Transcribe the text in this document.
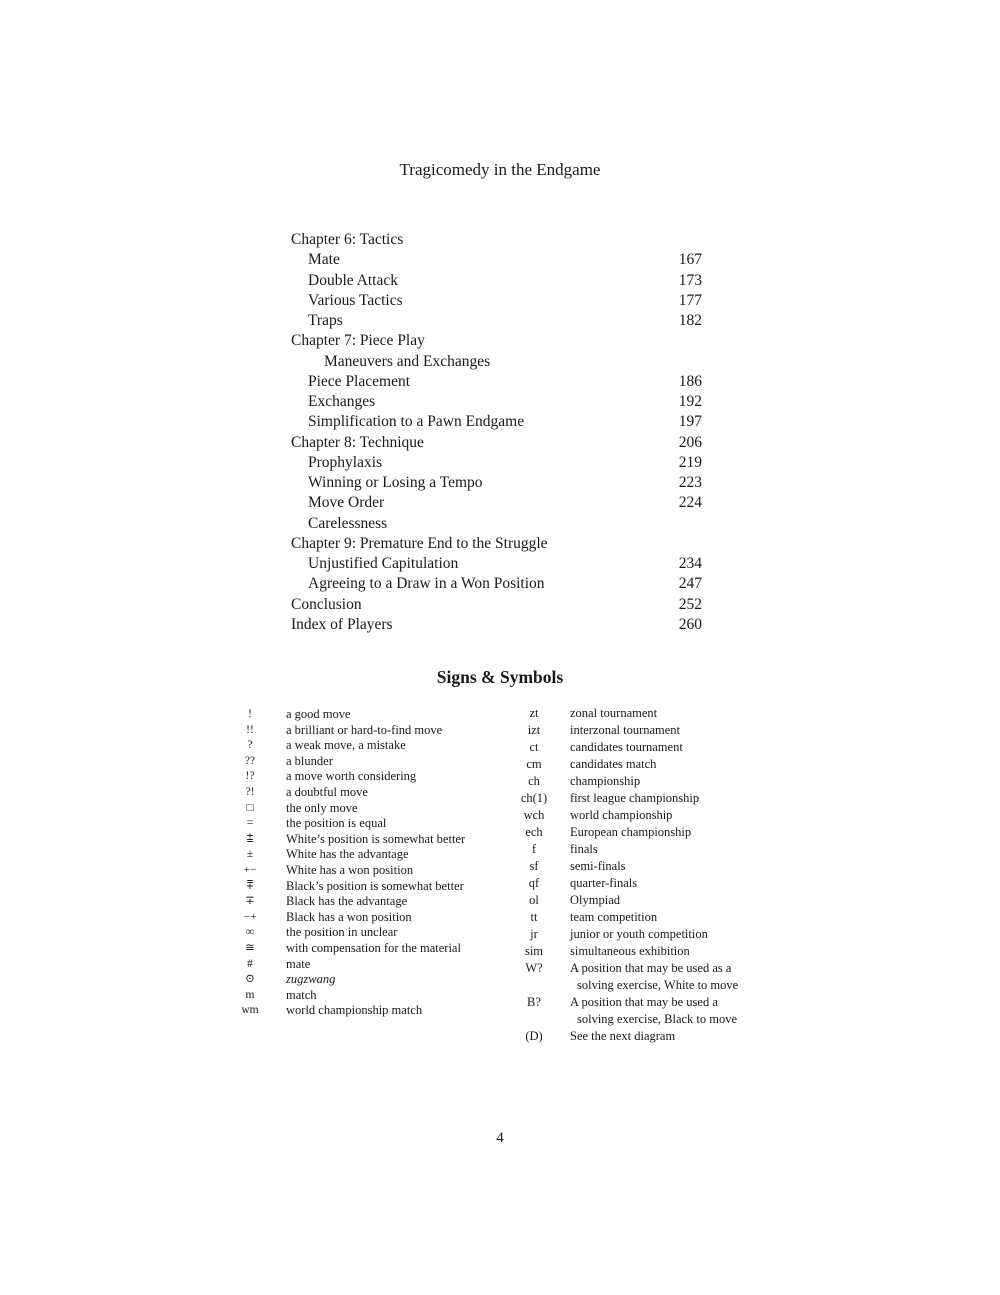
Tragicomedy in the Endgame
Chapter 6: Tactics
Mate	167
Double Attack	173
Various Tactics	177
Traps	182
Chapter 7: Piece Play
Maneuvers and Exchanges
Piece Placement	186
Exchanges	192
Simplification to a Pawn Endgame	197
Chapter 8: Technique	206
Prophylaxis	219
Winning or Losing a Tempo	223
Move Order	224
Carelessness
Chapter 9: Premature End to the Struggle
Unjustified Capitulation	234
Agreeing to a Draw in a Won Position	247
Conclusion	252
Index of Players	260
Signs & Symbols
!	a good move
!!	a brilliant or hard-to-find move
?	a weak move, a mistake
??	a blunder
!?	a move worth considering
?!	a doubtful move
□	the only move
=	the position is equal
⩲	White’s position is somewhat better
±	White has the advantage
+−	White has a won position
⩱	Black’s position is somewhat better
∓	Black has the advantage
−+	Black has a won position
∞	the position in unclear
≅	with compensation for the material
#	mate
⊙	zugzwang
m	match
wm	world championship match
zt	zonal tournament
izt	interzonal tournament
ct	candidates tournament
cm	candidates match
ch	championship
ch(1)	first league championship
wch	world championship
ech	European championship
f	finals
sf	semi-finals
qf	quarter-finals
ol	Olympiad
tt	team competition
jr	junior or youth competition
sim	simultaneous exhibition
W?	A position that may be used as a
solving exercise, White to move
B?	A position that may be used a
solving exercise, Black to move
(D)	See the next diagram
4
